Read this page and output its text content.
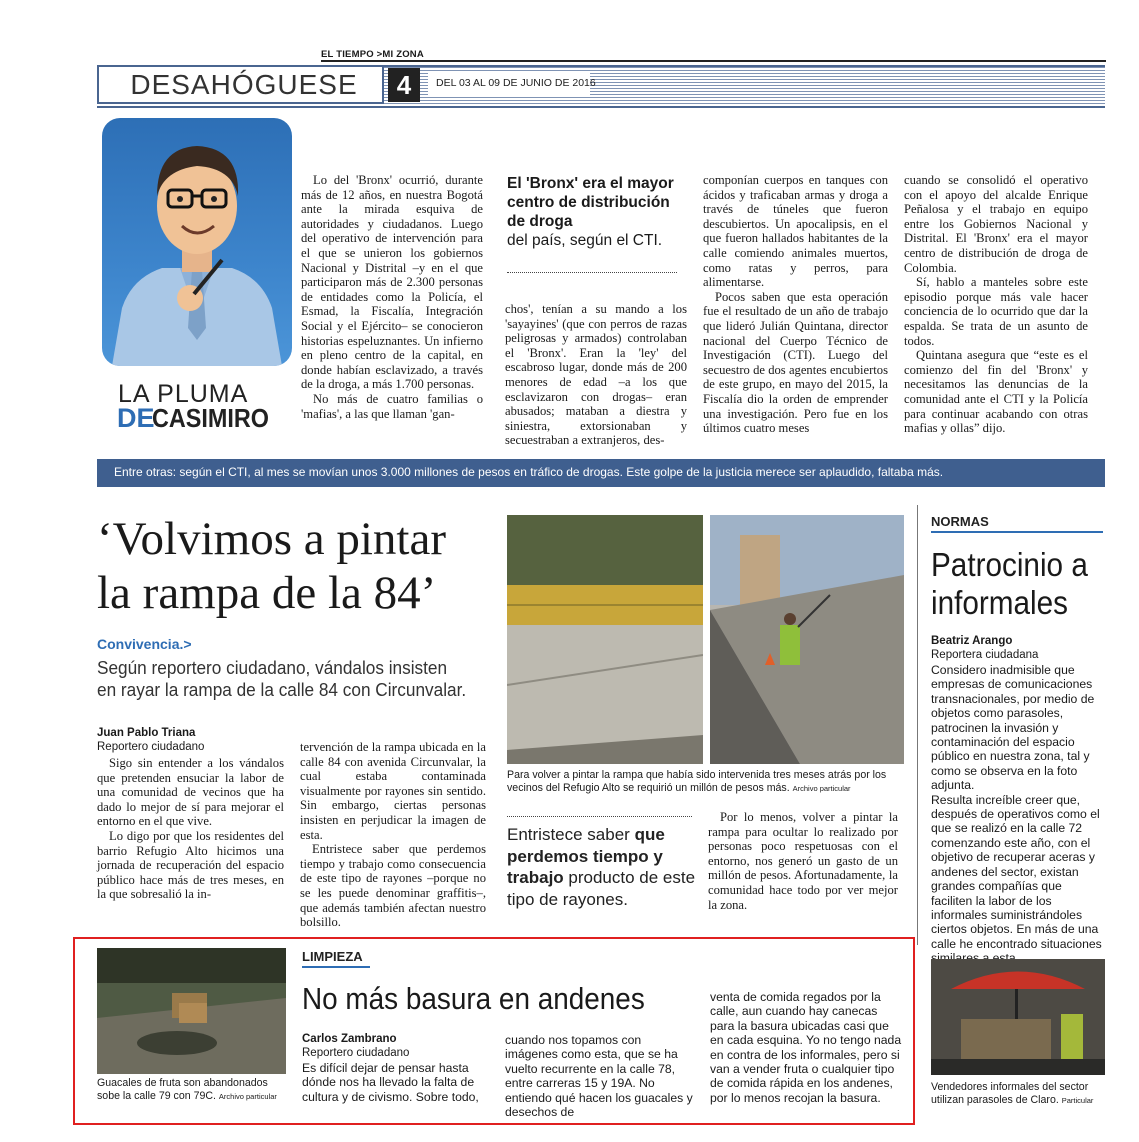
EL TIEMPO >MI ZONA
DESAHÓGUESE	4	DEL 03 AL 09 DE JUNIO DE 2016
LA PLUMA
DE
CASIMIRO

Lo del 'Bronx' ocurrió, durante más de 12 años, en nuestra Bogotá ante la mirada esquiva de autoridades y ciudadanos. Luego del operativo de intervención para el que se unieron los gobiernos Nacional y Distrital –y en el que participaron más de 2.300 personas de entidades como la Policía, el Esmad, la Fiscalía, Integración Social y el Ejército– se conocieron historias espeluznantes. Un infierno en pleno centro de la capital, en donde habían esclavizado, a través de la droga, a más 1.700 personas.

No más de cuatro familias o 'mafias', a las que llaman 'gan-

El 'Bronx' era el mayor centro de distribución de droga
del país, según el CTI.

chos', tenían a su mando a los 'sayayines' (que con perros de razas peligrosas y armados) controlaban el 'Bronx'. Eran la 'ley' del escabroso lugar, donde más de 200 menores de edad –a los que esclavizaron con drogas– eran abusados; mataban a diestra y siniestra, extorsionaban y secuestraban a extranjeros, des-

componían cuerpos en tanques con ácidos y traficaban armas y droga a través de túneles que fueron descubiertos. Un apocalipsis, en el que fueron hallados habitantes de la calle comiendo animales muertos, como ratas y perros, para alimentarse.

Pocos saben que esta operación fue el resultado de un año de trabajo que lideró Julián Quintana, director nacional del Cuerpo Técnico de Investigación (CTI). Luego del secuestro de dos agentes encubiertos de este grupo, en mayo del 2015, la Fiscalía dio la orden de emprender una investigación. Pero fue en los últimos cuatro meses

cuando se consolidó el operativo con el apoyo del alcalde Enrique Peñalosa y el trabajo en equipo entre los Gobiernos Nacional y Distrital. El 'Bronx' era el mayor centro de distribución de droga de Colombia.

Sí, hablo a manteles sobre este episodio porque más vale hacer conciencia de lo ocurrido que dar la espalda. Se trata de un asunto de todos.

Quintana asegura que “este es el comienzo del fin del 'Bronx' y necesitamos las denuncias de la comunidad ante el CTI y la Policía para continuar acabando con otras mafias y ollas” dijo.

Entre otras: según el CTI, al mes se movían unos 3.000 millones de pesos en tráfico de drogas. Este golpe de la justicia merece ser aplaudido, faltaba más.
‘Volvimos a pintar
la rampa de la 84’
Convivencia.>
Según reportero ciudadano, vándalos insisten en rayar la rampa de la calle 84 con Circunvalar.
Juan Pablo Triana
Reportero ciudadano

Sigo sin entender a los vándalos que pretenden ensuciar la labor de una comunidad de vecinos que ha dado lo mejor de sí para mejorar el entorno en el que vive.

Lo digo por que los residentes del barrio Refugio Alto hicimos una jornada de recuperación del espacio público hace más de tres meses, en la que sobresalió la in-

tervención de la rampa ubicada en la calle 84 con avenida Circunvalar, la cual estaba contaminada visualmente por rayones sin sentido. Sin embargo, ciertas personas insisten en perjudicar la imagen de esta.

Entristece saber que perdemos tiempo y trabajo como consecuencia de este tipo de rayones –porque no se les puede denominar graffitis–, que además también afectan nuestro bolsillo.

Para volver a pintar la rampa que había sido intervenida tres meses atrás por los vecinos del Refugio Alto se requirió un millón de pesos más. Archivo particular
Entristece saber que perdemos tiempo y trabajo producto de este tipo de rayones.

Por lo menos, volver a pintar la rampa para ocultar lo realizado por personas poco respetuosas con el entorno, nos generó un gasto de un millón de pesos. Afortunadamente, la comunidad hace todo por ver mejor la zona.

NORMAS
Patrocinio a
informales
Beatriz Arango
Reportera ciudadana

Considero inadmisible que empresas de comunicaciones transnacionales, por medio de objetos como parasoles, patrocinen la invasión y contaminación del espacio público en nuestra zona, tal y como se observa en la foto adjunta.

Resulta increíble creer que, después de operativos como el que se realizó en la calle 72 comenzando este año, con el objetivo de recuperar aceras y andenes del sector, existan grandes compañías que faciliten la labor de los informales suministrándoles ciertos objetos. En más de una calle he encontrado situaciones

Vendedores informales del sector utilizan parasoles de Claro. Particular
Guacales de fruta son abandonados sobe la calle 79 con 79C. Archivo particular
LIMPIEZA
No más basura en andenes
Carlos Zambrano
Reportero ciudadano

Es difícil dejar de pensar hasta dónde nos ha llevado la falta de cultura y de civismo. Sobre todo,

cuando nos topamos con imágenes como esta, que se ha vuelto recurrente en la calle 78, entre carreras 15 y 19A. No entiendo qué hacen los guacales y desechos de

venta de comida regados por la calle, aun cuando hay canecas para la basura ubicadas casi que en cada esquina. Yo no tengo nada en contra de los informales, pero si van a vender fruta o cualquier tipo de comida rápida en los andenes, por lo menos recojan la basura.
